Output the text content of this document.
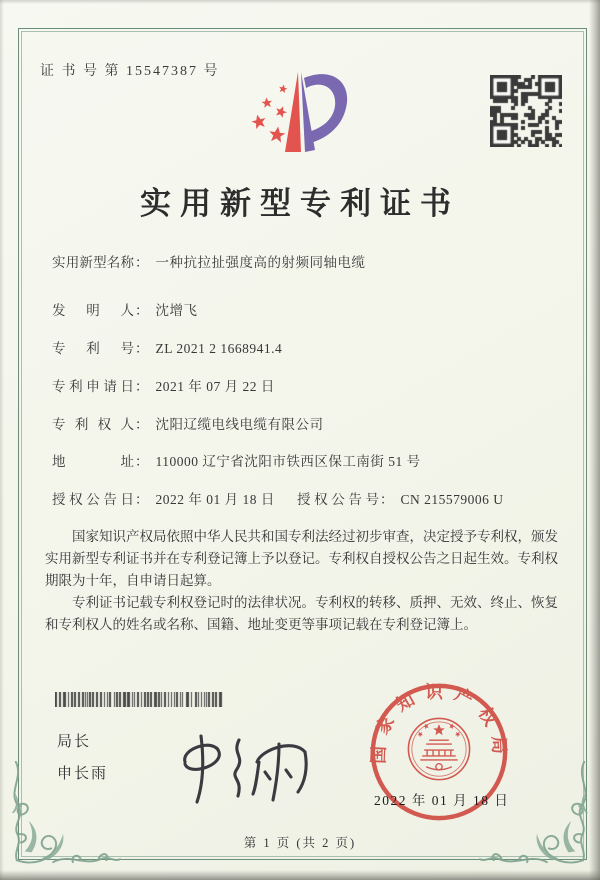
证 书 号 第 15547387 号
实用新型专利证书
实用新型名称： 一种抗拉扯强度高的射频同轴电缆
发明人： 沈增飞
专利号： ZL 2021 2 1668941.4
专利申请日： 2021 年 07 月 22 日
专利权人： 沈阳辽缆电线电缆有限公司
地址： 110000 辽宁省沈阳市铁西区保工南街 51 号
授权公告日： 2022 年 01 月 18 日 授权公告号： CN 215579006 U

国家知识产权局依照中华人民共和国专利法经过初步审查，决定授予专利权，颁发实用新型专利证书并在专利登记簿上予以登记。专利权自授权公告之日起生效。专利权期限为十年，自申请日起算。

专利证书记载专利权登记时的法律状况。专利权的转移、质押、无效、终止、恢复和专利权人的姓名或名称、国籍、地址变更等事项记载在专利登记簿上。

局长
申长雨
国家知识产权局
2022 年 01 月 18 日
第 1 页 (共 2 页)
